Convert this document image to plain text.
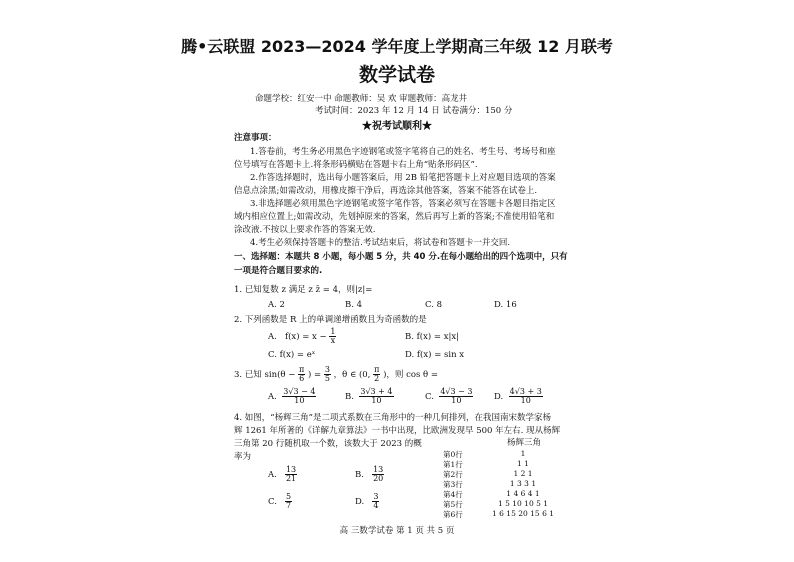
腾•云联盟 2023—2024 学年度上学期高三年级 12 月联考
数学试卷
命题学校：红安一中 命题教师：吴 欢 审题教师：高龙井
考试时间：2023 年 12 月 14 日 试卷满分：150 分
★祝考试顺利★
注意事项：
1.答卷前，考生务必用黑色字迹钢笔或签字笔将自己的姓名、考生号、考场号和座
位号填写在答题卡上.将条形码横贴在答题卡右上角“贴条形码区”.
2.作答选择题时，选出每小题答案后，用 2B 铅笔把答题卡上对应题目选项的答案
信息点涂黑;如需改动，用橡皮擦干净后，再选涂其他答案，答案不能答在试卷上.
3.非选择题必须用黑色字迹钢笔或签字笔作答，答案必须写在答题卡各题目指定区
域内相应位置上;如需改动，先划掉原来的答案，然后再写上新的答案;不准使用铅笔和
涂改液.不按以上要求作答的答案无效.
4.考生必须保持答题卡的整洁.考试结束后，将试卷和答题卡一并交回.
一、选择题：本题共 8 小题，每小题 5 分，共 40 分.在每小题给出的四个选项中，只有
一项是符合题目要求的.
1. 已知复数 z 满足 z z̄ = 4，则|z|=
A. 2	B. 4	C. 8	D. 16
2. 下列函数是 R 上的单调递增函数且为奇函数的是
A. $f(x) = x - \frac{1}{x}$	B. f(x) = x|x|
C. f(x) = eˣ	D. f(x) = sin x
3. 已知 $\sin(\theta - \frac{\pi}{6}$ ) = $\frac{3}{5}$ ，θ ∈ (0, $\frac{\pi}{2}$ )，则 cos θ =
A. $\frac{3√3 - 4}{10}$	B. $\frac{3√3 + 4}{10}$	C. $\frac{4√3 - 3}{10} D$. $\frac{4√3 + 3}{10}$
4. 如图，“杨辉三角”是二项式系数在三角形中的一种几何排列，在我国南宋数学家杨
辉 1261 年所著的《详解九章算法》一书中出现，比欧洲发现早 500 年左右. 现从杨辉
三角第 20 行随机取一个数，该数大于 2023 的概
率为
A. $\frac{13}{21}$	B. $\frac{13}{20}$
C. $\frac{5}{7}$	D. $\frac{3}{4}$
杨辉三角
第0行	1
第1行	1 1
第2行	1 2 1
第3行	1 3 3 1
第4行	1 4 6 4 1
第5行	1 5 10 10 5 1
第6行	1 6 15 20 15 6 1
高 三数学试卷 第 1 页 共 5 页
